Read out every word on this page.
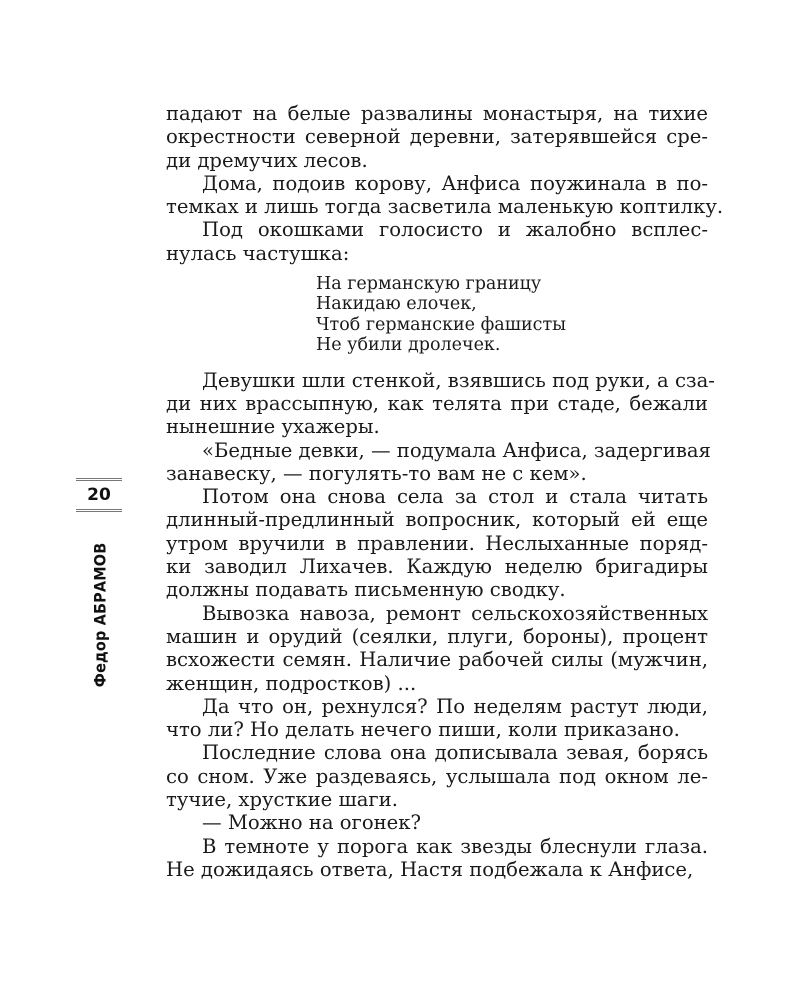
20
Федор АБРАМОВ
падают на белые развалины монастыря, на тихие
окрестности северной деревни, затерявшейся сре-
ди дремучих лесов.
Дома, подоив корову, Анфиса поужинала в по-
темках и лишь тогда засветила маленькую коптилку.
Под окошками голосисто и жалобно всплес-
нулась частушка:
На германскую границу
Накидаю елочек,
Чтоб германские фашисты
Не убили дролечек.
Девушки шли стенкой, взявшись под руки, а сза-
ди них врассыпную, как телята при стаде, бежали
нынешние ухажеры.
«Бедные девки, — подумала Анфиса, задергивая
занавеску, — погулять-то вам не с кем».
Потом она снова села за стол и стала читать
длинный-предлинный вопросник, который ей еще
утром вручили в правлении. Неслыханные поряд-
ки заводил Лихачев. Каждую неделю бригадиры
должны подавать письменную сводку.
Вывозка навоза, ремонт сельскохозяйственных
машин и орудий (сеялки, плуги, бороны), процент
всхожести семян. Наличие рабочей силы (мужчин,
женщин, подростков) ...
Да что он, рехнулся? По неделям растут люди,
что ли? Но делать нечего пиши, коли приказано.
Последние слова она дописывала зевая, борясь
со сном. Уже раздеваясь, услышала под окном ле-
тучие, хрусткие шаги.
— Можно на огонек?
В темноте у порога как звезды блеснули глаза.
Не дожидаясь ответа, Настя подбежала к Анфисе,
